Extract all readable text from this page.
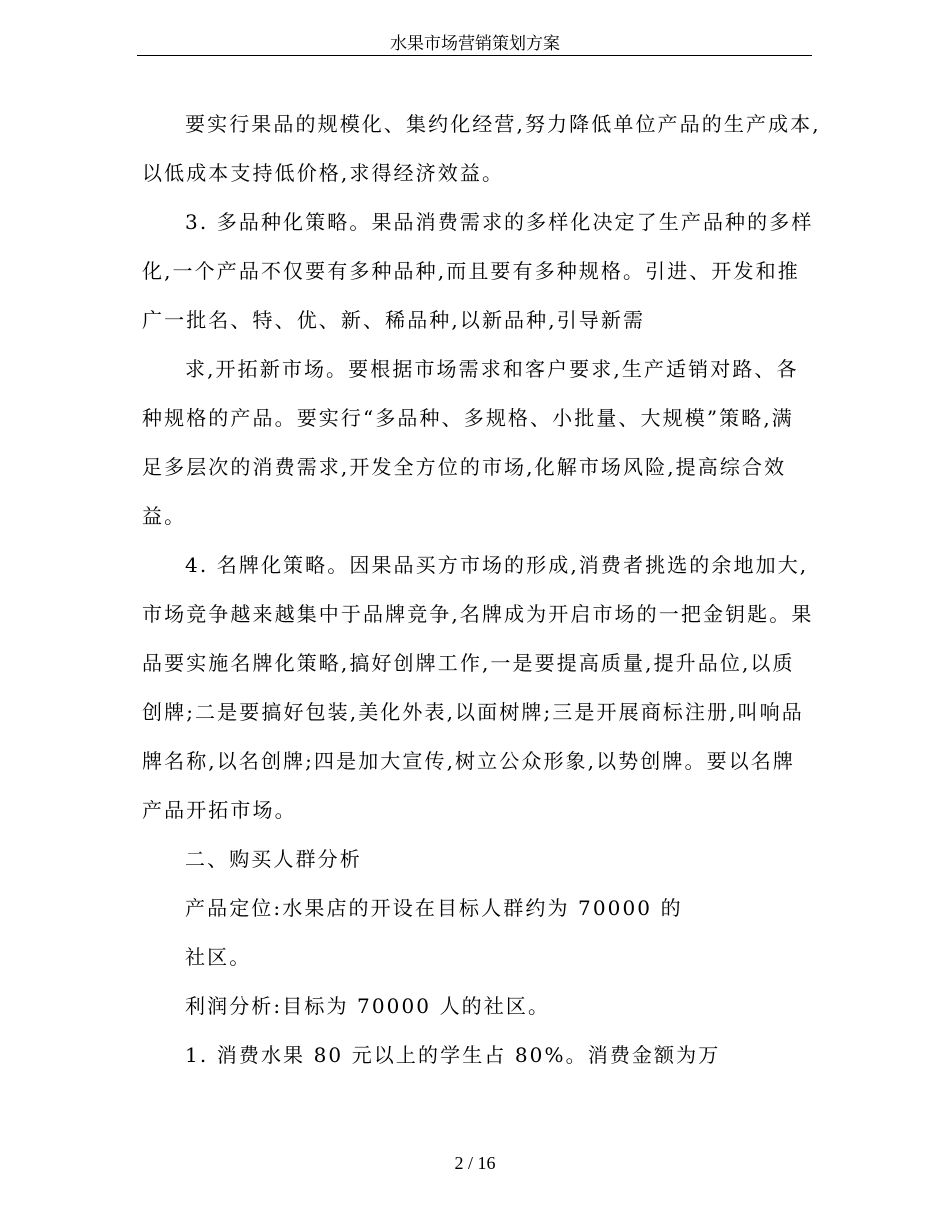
水果市场营销策划方案
要实行果品的规模化、集约化经营,努力降低单位产品的生产成本,
以低成本支持低价格,求得经济效益。
3. 多品种化策略。果品消费需求的多样化决定了生产品种的多样
化,一个产品不仅要有多种品种,而且要有多种规格。引进、开发和推
广一批名、特、优、新、稀品种,以新品种,引导新需
求,开拓新市场。要根据市场需求和客户要求,生产适销对路、各
种规格的产品。要实行“多品种、多规格、小批量、大规模”策略,满
足多层次的消费需求,开发全方位的市场,化解市场风险,提高综合效
益。
4. 名牌化策略。因果品买方市场的形成,消费者挑选的余地加大,
市场竞争越来越集中于品牌竞争,名牌成为开启市场的一把金钥匙。果
品要实施名牌化策略,搞好创牌工作,一是要提高质量,提升品位,以质
创牌;二是要搞好包装,美化外表,以面树牌;三是开展商标注册,叫响品
牌名称,以名创牌;四是加大宣传,树立公众形象,以势创牌。要以名牌
产品开拓市场。
二、购买人群分析
产品定位:水果店的开设在目标人群约为 70000 的
社区。
利润分析:目标为 70000 人的社区。
1. 消费水果 80 元以上的学生占 80%。消费金额为万
2 / 16
